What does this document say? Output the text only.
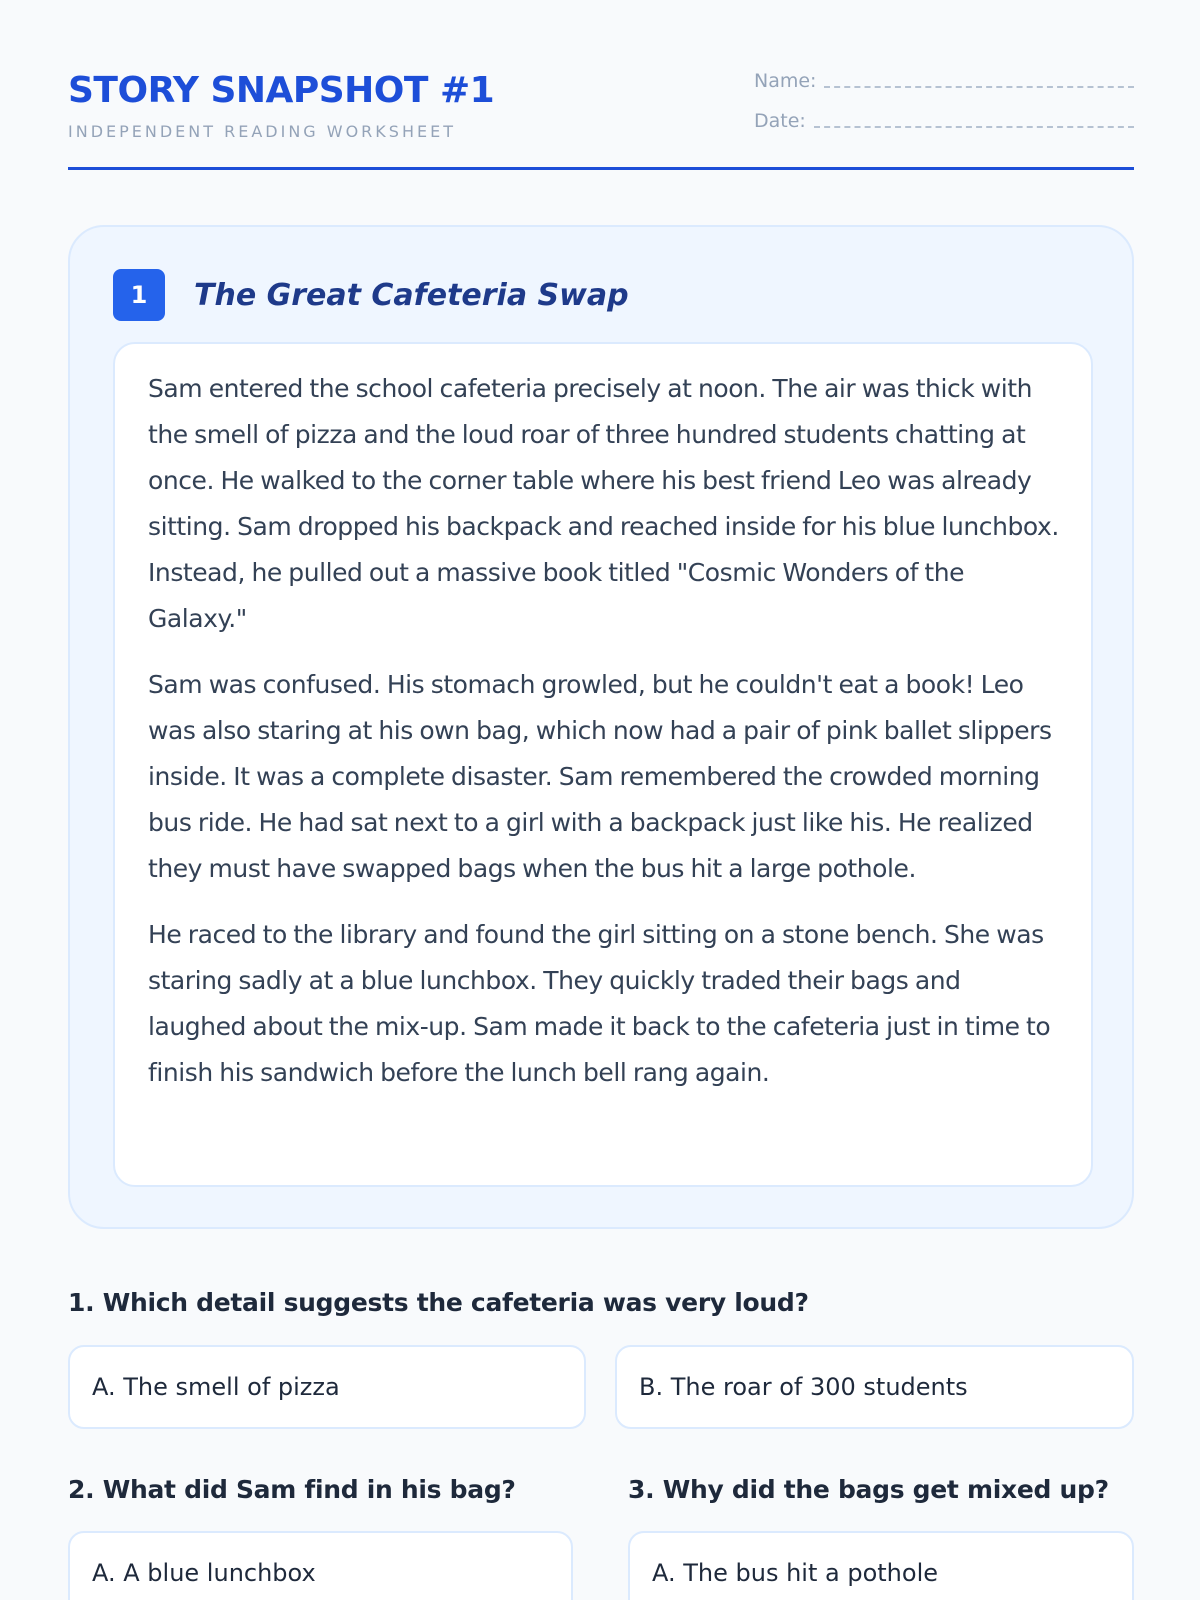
STORY SNAPSHOT #1
INDEPENDENT READING WORKSHEET
Name:
Date:
1	The Great Cafeteria Swap

Sam entered the school cafeteria precisely at noon. The air was thick with the smell of pizza and the loud roar of three hundred students chatting at once. He walked to the corner table where his best friend Leo was already sitting. Sam dropped his backpack and reached inside for his blue lunchbox. Instead, he pulled out a massive book titled "Cosmic Wonders of the Galaxy."

Sam was confused. His stomach growled, but he couldn't eat a book! Leo was also staring at his own bag, which now had a pair of pink ballet slippers inside. It was a complete disaster. Sam remembered the crowded morning bus ride. He had sat next to a girl with a backpack just like his. He realized they must have swapped bags when the bus hit a large pothole.

He raced to the library and found the girl sitting on a stone bench. She was staring sadly at a blue lunchbox. They quickly traded their bags and laughed about the mix-up. Sam made it back to the cafeteria just in time to finish his sandwich before the lunch bell rang again.

1. Which detail suggests the cafeteria was very loud?
A. The smell of pizza	B. The roar of 300 students
2. What did Sam find in his bag?
A. A blue lunchbox
3. Why did the bags get mixed up?
A. The bus hit a pothole
